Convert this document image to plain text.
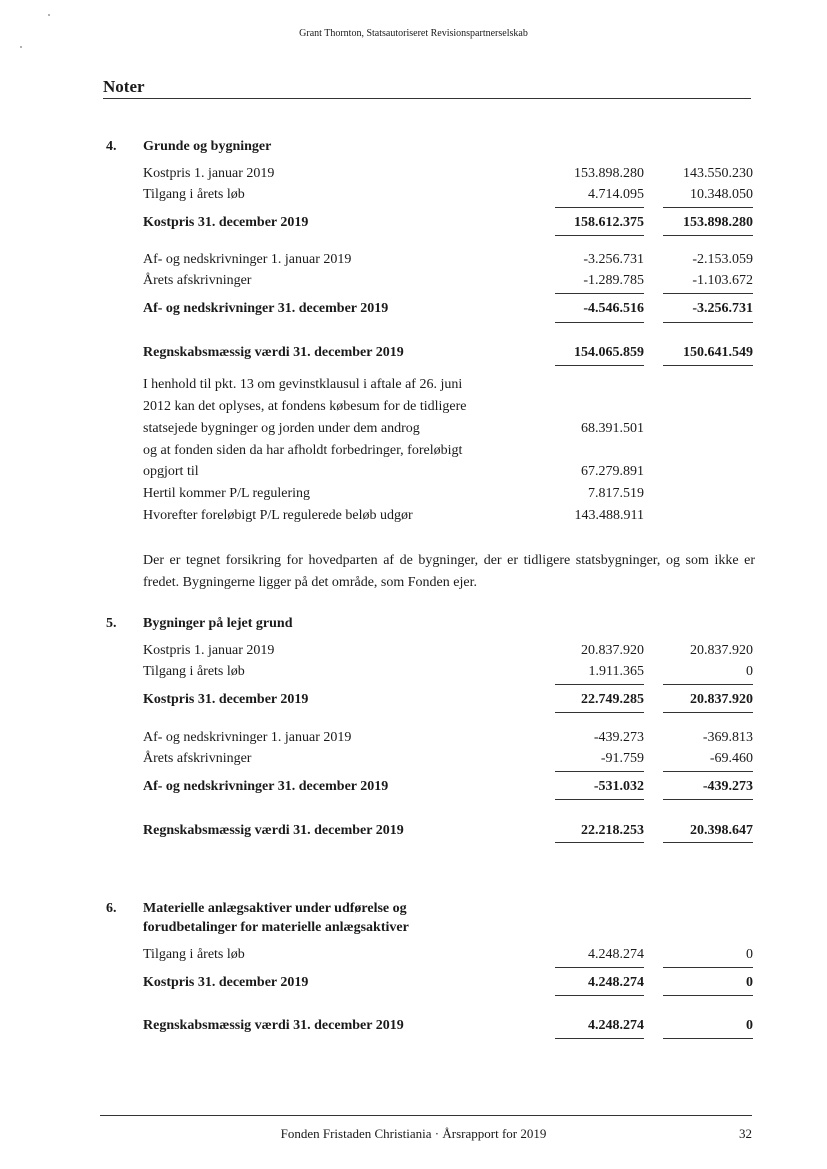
Grant Thornton, Statsautoriseret Revisionspartnerselskab
Noter
4. Grunde og bygninger
Kostpris 1. januar 2019	153.898.280	143.550.230
Tilgang i årets løb	4.714.095	10.348.050
Kostpris 31. december 2019	158.612.375	153.898.280
Af- og nedskrivninger 1. januar 2019	-3.256.731	-2.153.059
Årets afskrivninger	-1.289.785	-1.103.672
Af- og nedskrivninger 31. december 2019	-4.546.516	-3.256.731
Regnskabsmæssig værdi 31. december 2019	154.065.859	150.641.549
I henhold til pkt. 13 om gevinstklausul i aftale af 26. juni
2012 kan det oplyses, at fondens købesum for de tidligere
statsejede bygninger og jorden under dem androg	68.391.501
og at fonden siden da har afholdt forbedringer, foreløbigt
opgjort til	67.279.891
Hertil kommer P/L regulering	7.817.519
Hvorefter foreløbigt P/L regulerede beløb udgør	143.488.911
Der er tegnet forsikring for hovedparten af de bygninger, der er tidligere statsbygninger, og som ikke er fredet. Bygningerne ligger på det område, som Fonden ejer.
5. Bygninger på lejet grund
Kostpris 1. januar 2019	20.837.920	20.837.920
Tilgang i årets løb	1.911.365	0
Kostpris 31. december 2019	22.749.285	20.837.920
Af- og nedskrivninger 1. januar 2019	-439.273	-369.813
Årets afskrivninger	-91.759	-69.460
Af- og nedskrivninger 31. december 2019	-531.032	-439.273
Regnskabsmæssig værdi 31. december 2019	22.218.253	20.398.647
6. Materielle anlægsaktiver under udførelse og
forudbetalinger for materielle anlægsaktiver
Tilgang i årets løb	4.248.274	0
Kostpris 31. december 2019	4.248.274	0
Regnskabsmæssig værdi 31. december 2019	4.248.274	0
Fonden Fristaden Christiania · Årsrapport for 2019	32
